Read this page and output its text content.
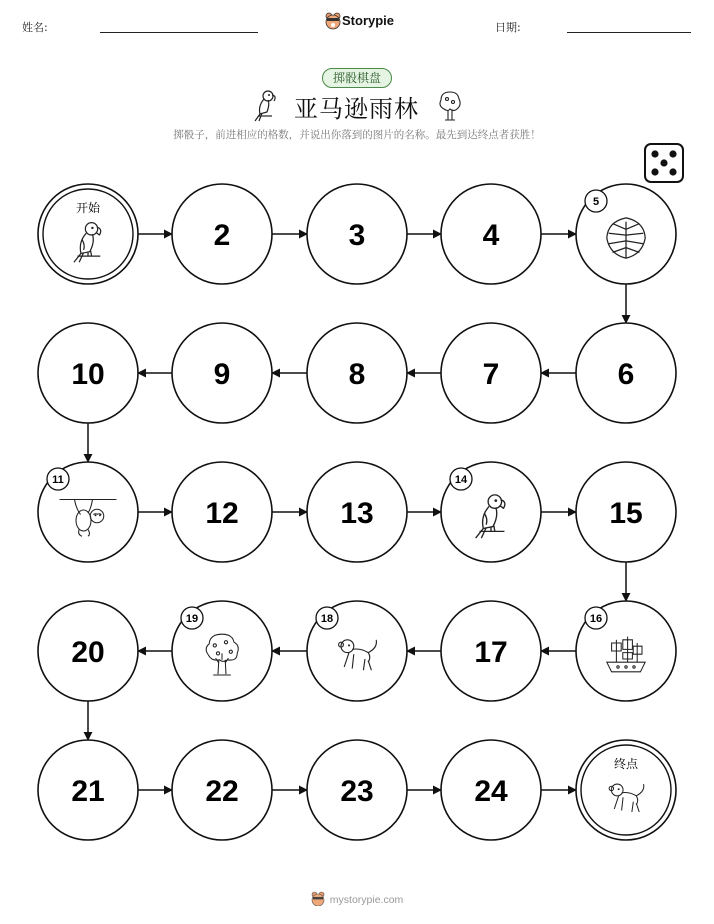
姓名:	Storypie	日期:
掷骰棋盘
亚马逊雨林
掷骰子，前进相应的格数，并说出你落到的图片的名称。最先到达终点者获胜！
开始
2	3	4
5
6
7
8
9
10
11
12	13
14
15
16
17
18
19
20
21	22	23	24
终点
mystorypie.com
